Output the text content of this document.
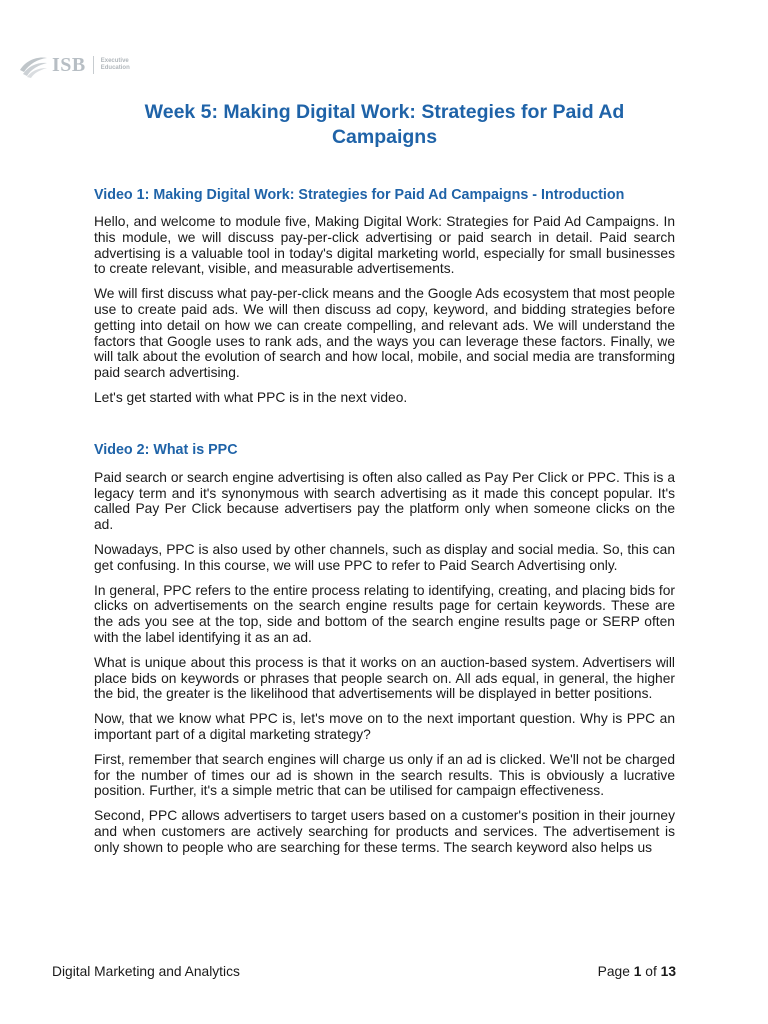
ISB	Executive
Education
Week 5: Making Digital Work: Strategies for Paid Ad Campaigns
Video 1: Making Digital Work: Strategies for Paid Ad Campaigns - Introduction

Hello, and welcome to module five, Making Digital Work: Strategies for Paid Ad Campaigns. In this module, we will discuss pay-per-click advertising or paid search in detail. Paid search advertising is a valuable tool in today's digital marketing world, especially for small businesses to create relevant, visible, and measurable advertisements.

We will first discuss what pay-per-click means and the Google Ads ecosystem that most people use to create paid ads. We will then discuss ad copy, keyword, and bidding strategies before getting into detail on how we can create compelling, and relevant ads. We will understand the factors that Google uses to rank ads, and the ways you can leverage these factors. Finally, we will talk about the evolution of search and how local, mobile, and social media are transforming paid search advertising.

Let's get started with what PPC is in the next video.

Video 2: What is PPC

Paid search or search engine advertising is often also called as Pay Per Click or PPC. This is a legacy term and it's synonymous with search advertising as it made this concept popular. It's called Pay Per Click because advertisers pay the platform only when someone clicks on the ad.

Nowadays, PPC is also used by other channels, such as display and social media. So, this can get confusing. In this course, we will use PPC to refer to Paid Search Advertising only.

In general, PPC refers to the entire process relating to identifying, creating, and placing bids for clicks on advertisements on the search engine results page for certain keywords. These are the ads you see at the top, side and bottom of the search engine results page or SERP often with the label identifying it as an ad.

What is unique about this process is that it works on an auction-based system. Advertisers will place bids on keywords or phrases that people search on. All ads equal, in general, the higher the bid, the greater is the likelihood that advertisements will be displayed in better positions.

Now, that we know what PPC is, let's move on to the next important question. Why is PPC an important part of a digital marketing strategy?

First, remember that search engines will charge us only if an ad is clicked. We'll not be charged for the number of times our ad is shown in the search results. This is obviously a lucrative position. Further, it's a simple metric that can be utilised for campaign effectiveness.

Second, PPC allows advertisers to target users based on a customer's position in their journey and when customers are actively searching for products and services. The advertisement is only shown to people who are searching for these terms. The search keyword also helps us

Digital Marketing and Analytics	Page 1 of 13
